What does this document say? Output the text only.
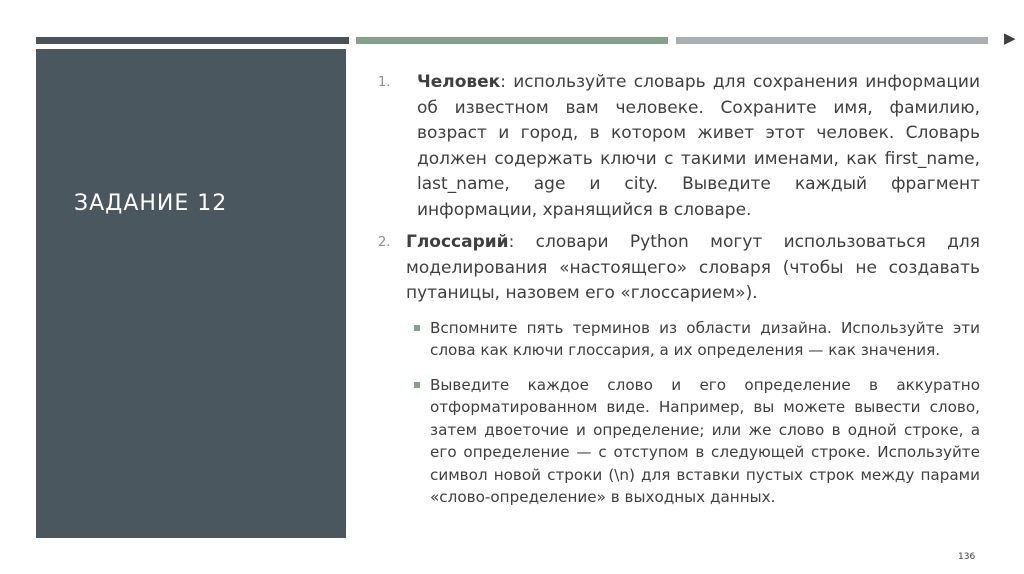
▶
ЗАДАНИЕ 12
1. Человек: используйте словарь для сохранения информации об известном вам человеке. Сохраните имя, фамилию, возраст и город, в котором живет этот человек. Словарь должен содержать ключи с такими именами, как first_name, last_name, age и city. Выведите каждый фрагмент информации, хранящийся в словаре.
2. Глоссарий: словари Python могут использоваться для моделирования «настоящего» словаря (чтобы не создавать путаницы, назовем его «глоссарием»).
Вспомните пять терминов из области дизайна. Используйте эти слова как ключи глоссария, а их определения — как значения.
Выведите каждое слово и его определение в аккуратно отформатированном виде. Например, вы можете вывести слово, затем двоеточие и определение; или же слово в одной строке, а его определение — с отступом в следующей строке. Используйте символ новой строки (\n) для вставки пустых строк между парами «слово-определение» в выходных данных.
136
